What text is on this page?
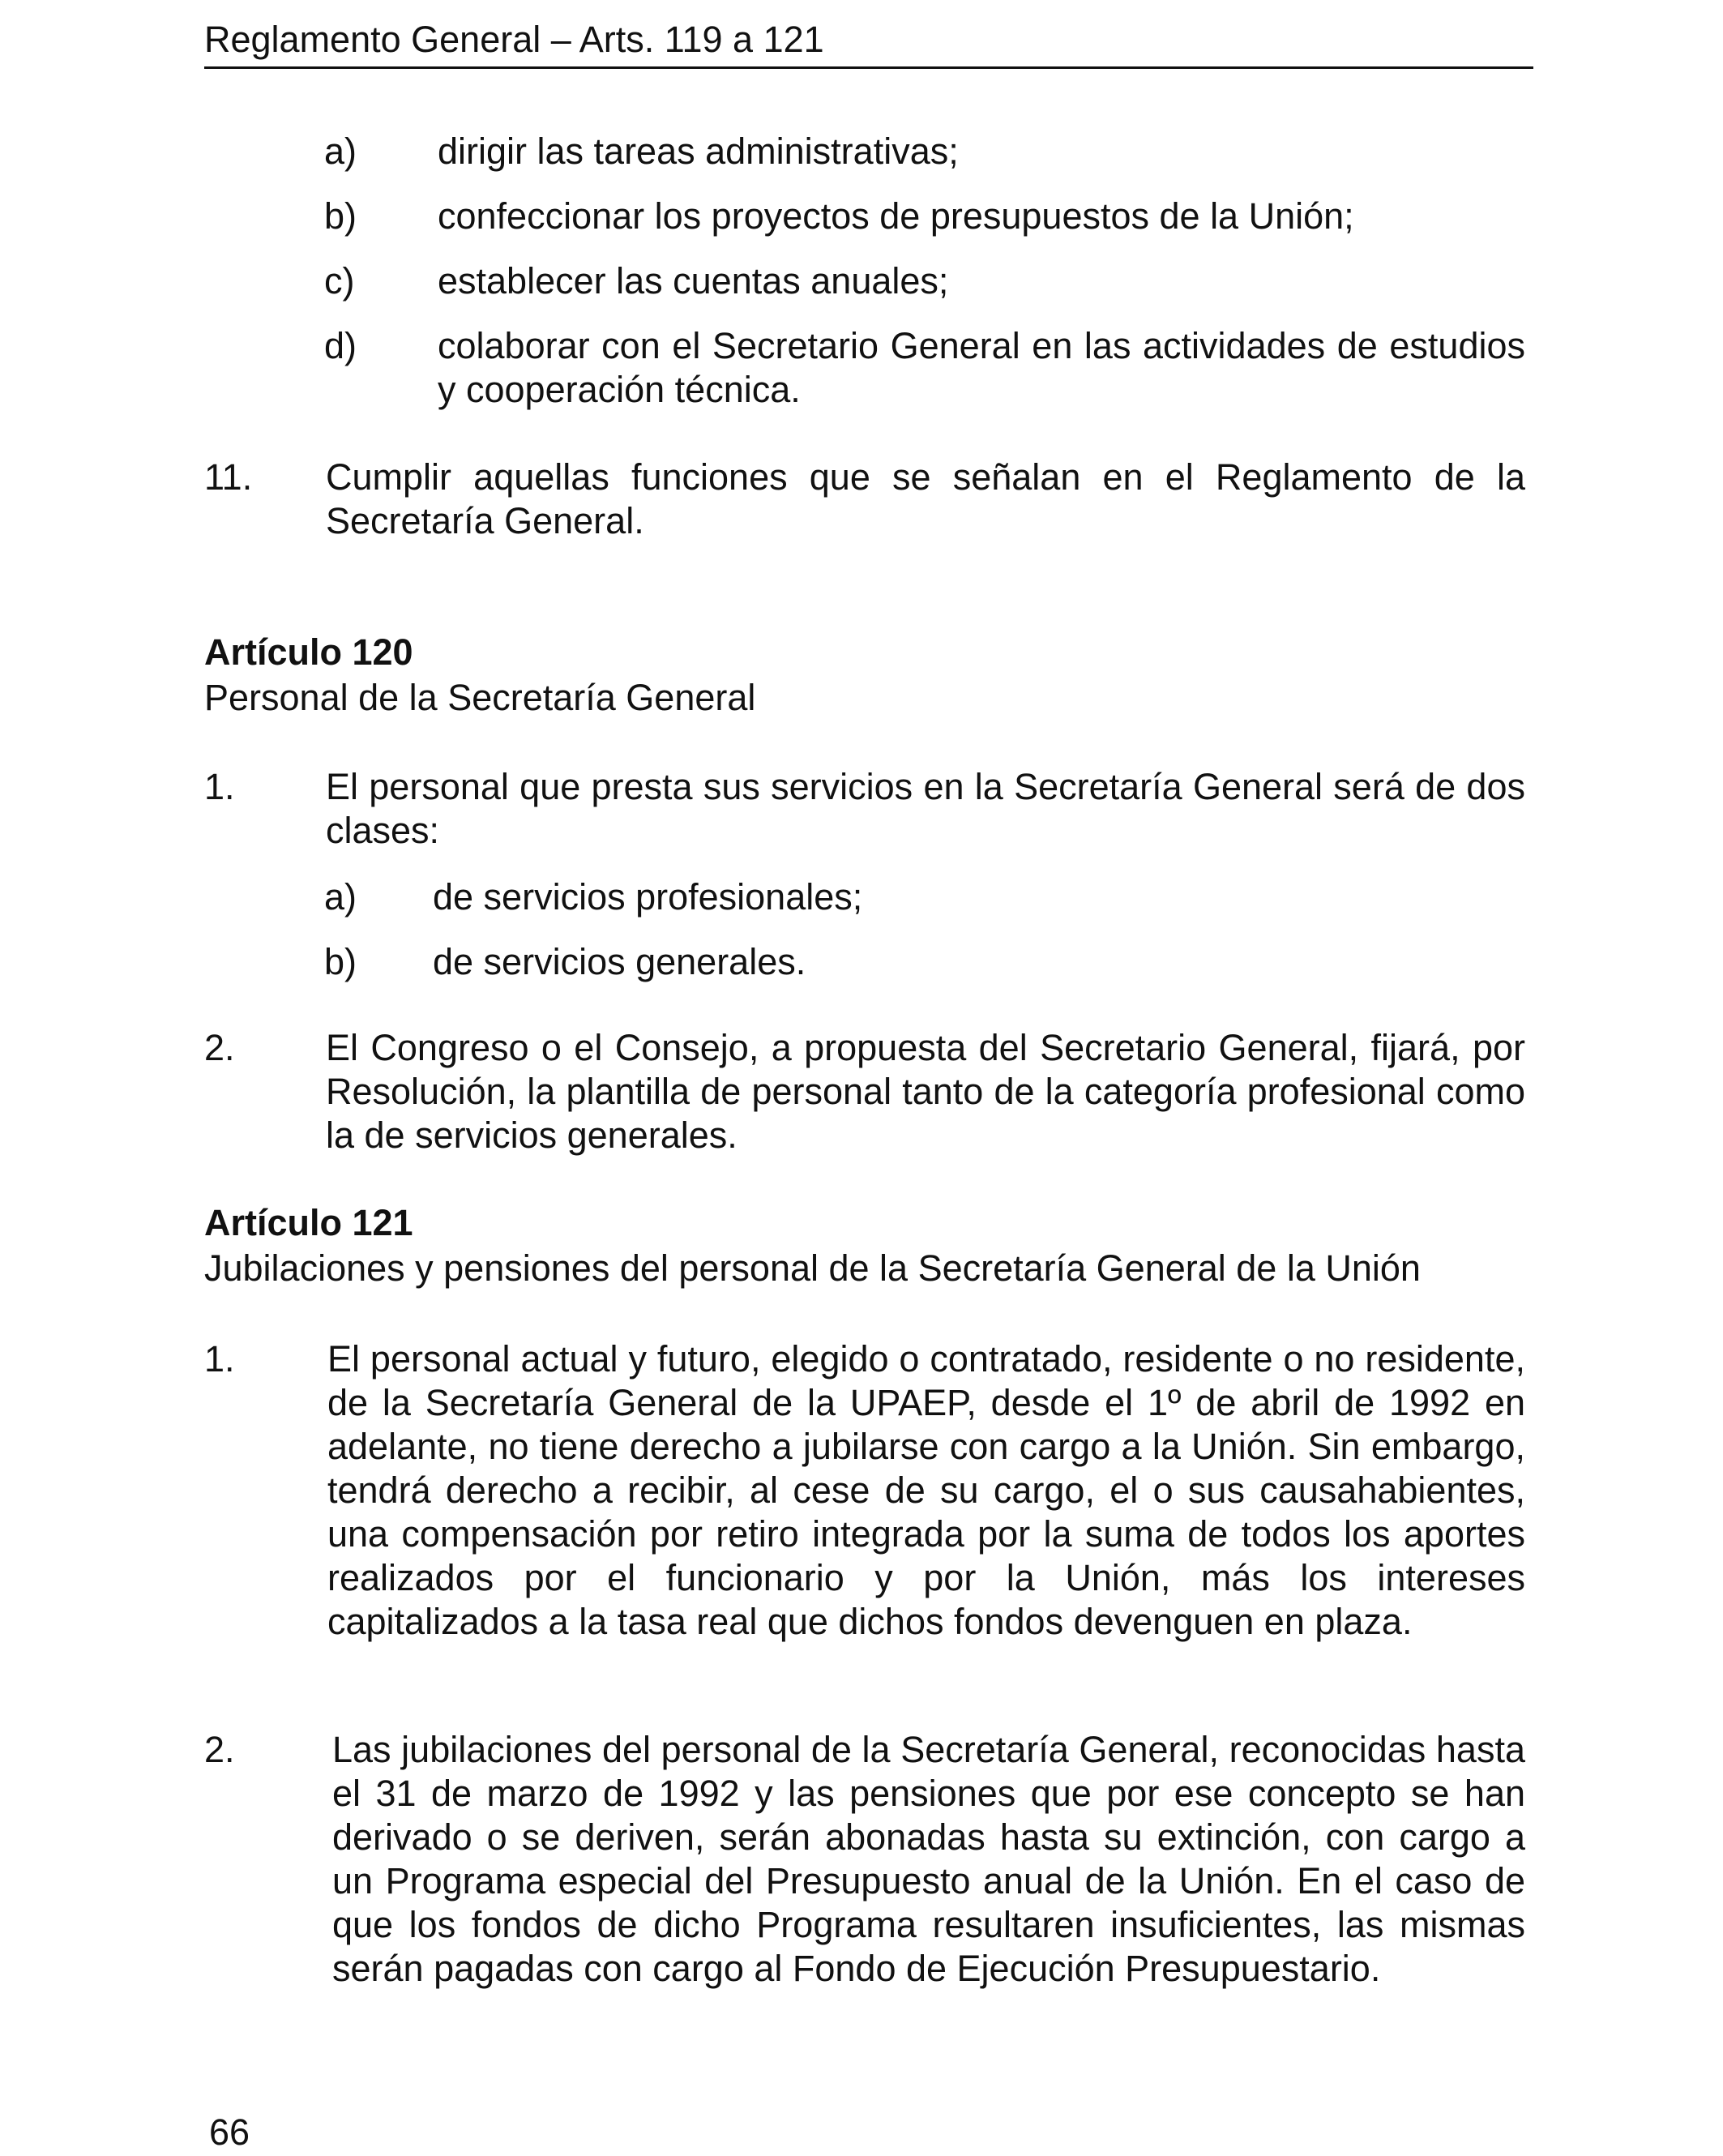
Reglamento General – Arts. 119 a 121
a) dirigir las tareas administrativas;
b) confeccionar los proyectos de presupuestos de la Unión;
c) establecer las cuentas anuales;
d) colaborar con el Secretario General en las actividades de estudios y cooperación técnica.
11. Cumplir aquellas funciones que se señalan en el Reglamento de la Secretaría General.
Artículo 120
Personal de la Secretaría General
1. El personal que presta sus servicios en la Secretaría General será de dos clases:
a) de servicios profesionales;
b) de servicios generales.
2. El Congreso o el Consejo, a propuesta del Secretario General, fijará, por Resolución, la plantilla de personal tanto de la categoría profesional como la de servicios generales.
Artículo 121
Jubilaciones y pensiones del personal de la Secretaría General de la Unión
1.	El personal actual y futuro, elegido o contratado, residente o no residente, de la Secretaría General de la UPAEP, desde el 1º de abril de 1992 en adelante, no tiene derecho a jubilarse con cargo a la Unión. Sin embargo, tendrá derecho a recibir, al cese de su cargo, el o sus causahabientes, una compensación por retiro integrada por la suma de todos los aportes realizados por el funcionario y por la Unión, más los intereses capitalizados a la tasa real que dichos fondos devenguen en plaza.
2.	Las jubilaciones del personal de la Secretaría General, reconocidas hasta el 31 de marzo de 1992 y las pensiones que por ese concepto se han derivado o se deriven, serán abonadas hasta su extinción, con cargo a un Programa especial del Presupuesto anual de la Unión. En el caso de que los fondos de dicho Programa resultaren insuficientes, las mismas serán pagadas con cargo al Fondo de Ejecución Presupuestario.
66
